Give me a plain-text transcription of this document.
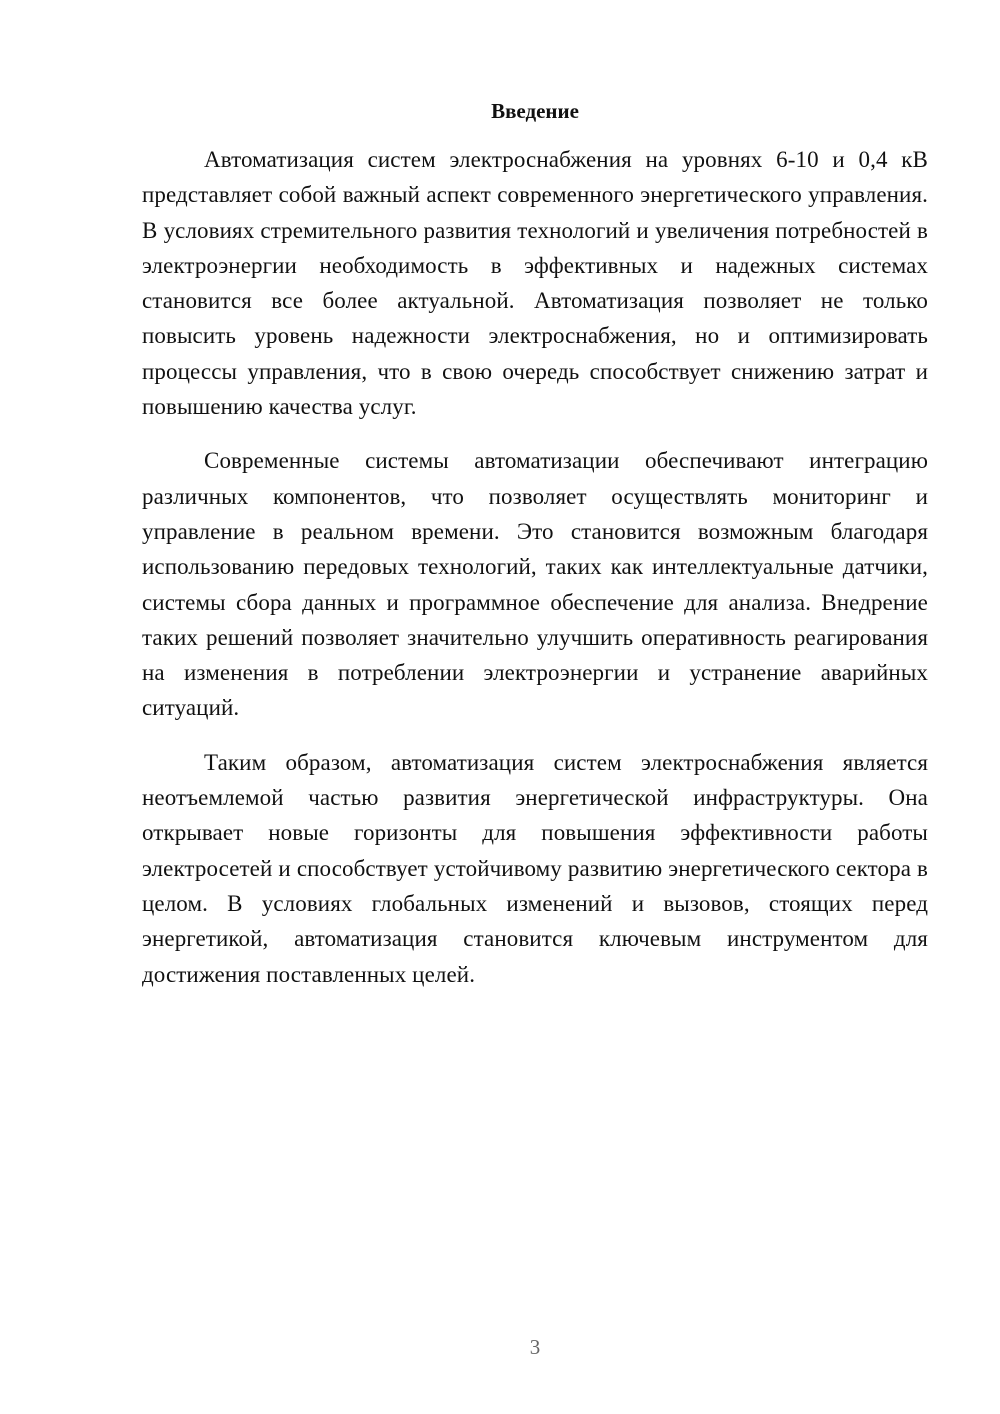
Введение

Автоматизация систем электроснабжения на уровнях 6-10 и 0,4 кВ представляет собой важный аспект современного энергетического управления. В условиях стремительного развития технологий и увеличения потребностей в электроэнергии необходимость в эффективных и надежных системах становится все более актуальной. Автоматизация позволяет не только повысить уровень надежности электроснабжения, но и оптимизировать процессы управления, что в свою очередь способствует снижению затрат и повышению качества услуг.

Современные системы автоматизации обеспечивают интеграцию различных компонентов, что позволяет осуществлять мониторинг и управление в реальном времени. Это становится возможным благодаря использованию передовых технологий, таких как интеллектуальные датчики, системы сбора данных и программное обеспечение для анализа. Внедрение таких решений позволяет значительно улучшить оперативность реагирования на изменения в потреблении электроэнергии и устранение аварийных ситуаций.

Таким образом, автоматизация систем электроснабжения является неотъемлемой частью развития энергетической инфраструктуры. Она открывает новые горизонты для повышения эффективности работы электросетей и способствует устойчивому развитию энергетического сектора в целом. В условиях глобальных изменений и вызовов, стоящих перед энергетикой, автоматизация становится ключевым инструментом для достижения поставленных целей.

3
